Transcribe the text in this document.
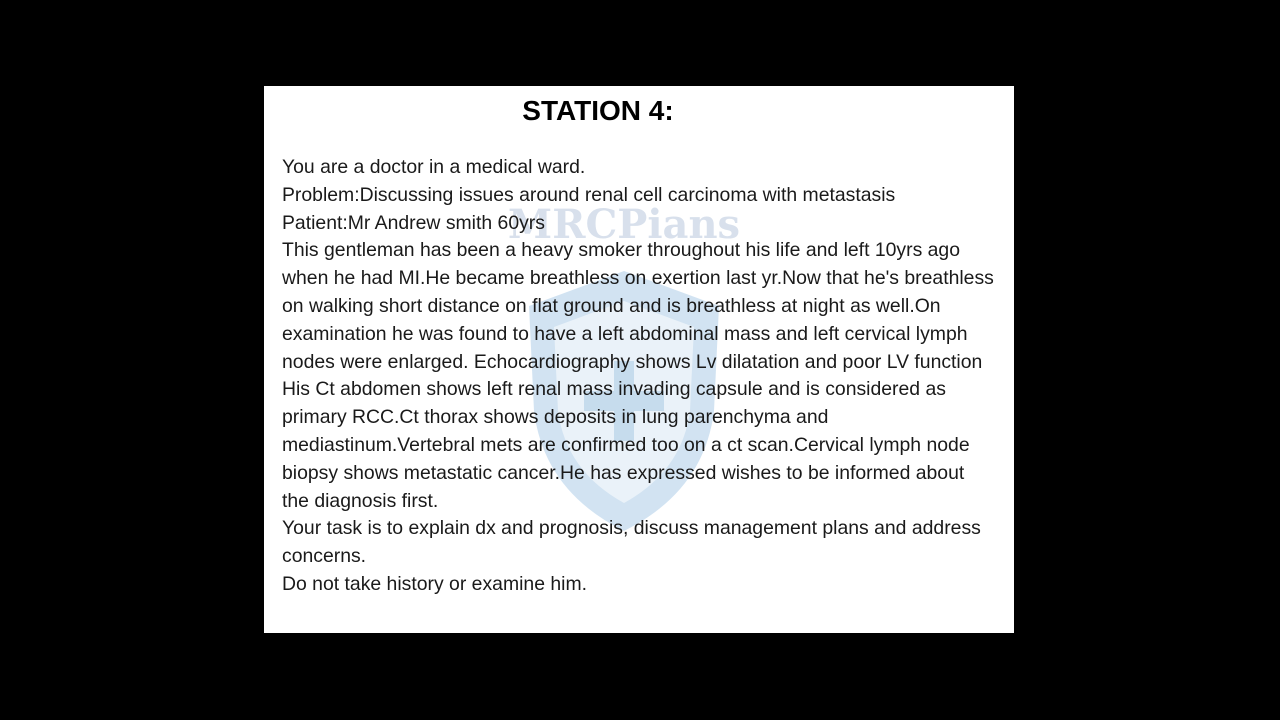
MRCPians
STATION 4:

You are a doctor in a medical ward.

Problem:Discussing issues around renal cell carcinoma with metastasis

Patient:Mr Andrew smith 60yrs

This gentleman has been a heavy smoker throughout his life and left 10yrs ago when he had MI.He became breathless on exertion last yr.Now that he's breathless on walking short distance on flat ground and is breathless at night as well.On examination he was found to have a left abdominal mass and left cervical lymph nodes were enlarged. Echocardiography shows Lv dilatation and poor LV function

His Ct abdomen shows left renal mass invading capsule and is considered as primary RCC.Ct thorax shows deposits in lung parenchyma and mediastinum.Vertebral mets are confirmed too on a ct scan.Cervical lymph node biopsy shows metastatic cancer.He has expressed wishes to be informed about the diagnosis first.

Your task is to explain dx and prognosis, discuss management plans and address concerns.

Do not take history or examine him.
